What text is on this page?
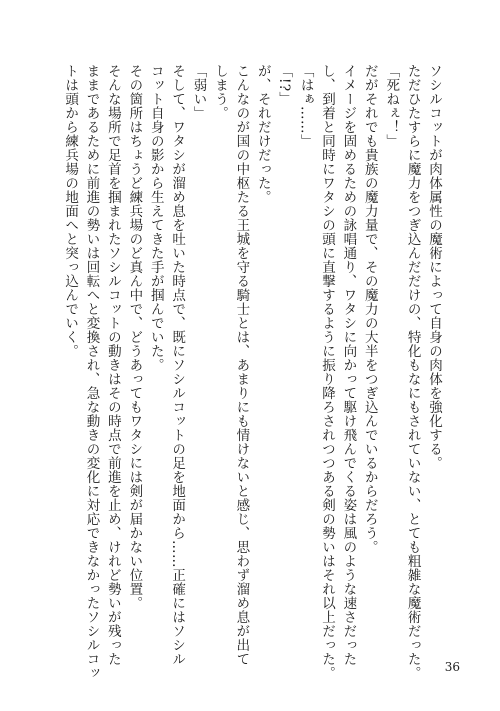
ソシルコットが肉体属性の魔術によって自身の肉体を強化する。
ただひたすらに魔力をつぎ込んだだけの、特化もなにもされていない、とても粗雑な魔術だった。
「死ねぇ！」
だがそれでも貴族の魔力量で、その魔力の大半をつぎ込んでいるからだろう。
イメージを固めるための詠唱通り、ワタシに向かって駆け飛んでくる姿は風のような速さだった
し、到着と同時にワタシの頭に直撃するように振り降ろされつつある剣の勢いはそれ以上だった。
「はぁ……」
「!?」
が、それだけだった。
こんなのが国の中枢たる王城を守る騎士とは、あまりにも情けないと感じ、思わず溜め息が出て
しまう。
「弱い」
そして、ワタシが溜め息を吐いた時点で、既にソシルコットの足を地面から……正確にはソシル
コット自身の影から生えてきた手が掴んでいた。
その箇所はちょうど練兵場のど真ん中で、どうあってもワタシには剣が届かない位置。
そんな場所で足首を掴まれたソシルコットの動きはその時点で前進を止め、けれど勢いが残った
ままであるために前進の勢いは回転へと変換され、急な動きの変化に対応できなかったソシルコッ
トは頭から練兵場の地面へと突っ込んでいく。
36
